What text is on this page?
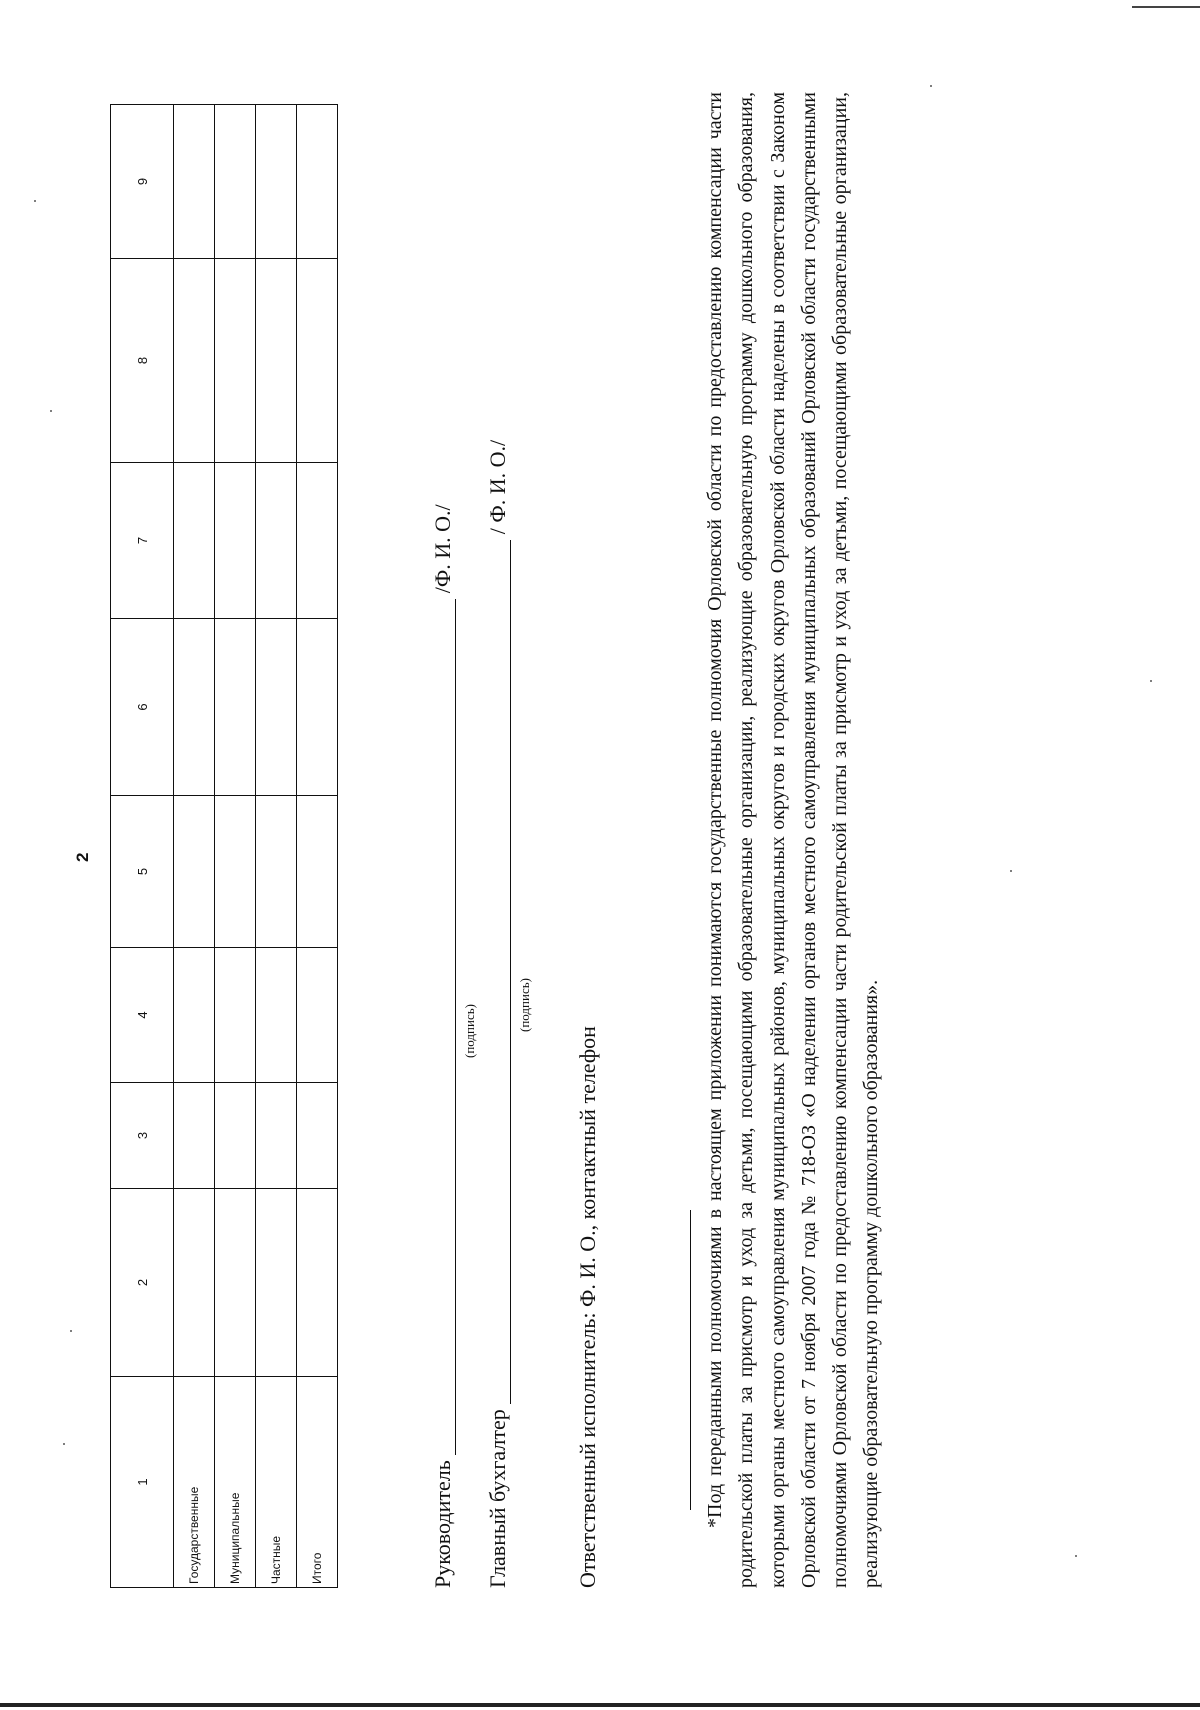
2
1	2	3	4	5	6	7	8	9
Государственные								
Муниципальные								
Частные								
Итого									Руководитель  /Ф. И. О./
(подпись)
Главный бухгалтер  / Ф. И. О./
(подпись)
Ответственный исполнитель: Ф. И. О., контактный телефон	*Под переданными полномочиями в настоящем приложении понимаются государственные полномочия Орловской области по предоставлению компенсации части родительской платы за присмотр и уход за детьми, посещающими образовательные организации, реализующие образовательную программу дошкольного образования, которыми органы местного самоуправления муниципальных районов, муниципальных округов и городских округов Орловской области наделены в соответствии с Законом Орловской области от 7 ноября 2007 года № 718-ОЗ «О наделении органов местного самоуправления муниципальных образований Орловской области государственными полномочиями Орловской области по предоставлению компенсации части родительской платы за присмотр и уход за детьми, посещающими образовательные организации, реализующие образовательную программу дошкольного образования».
